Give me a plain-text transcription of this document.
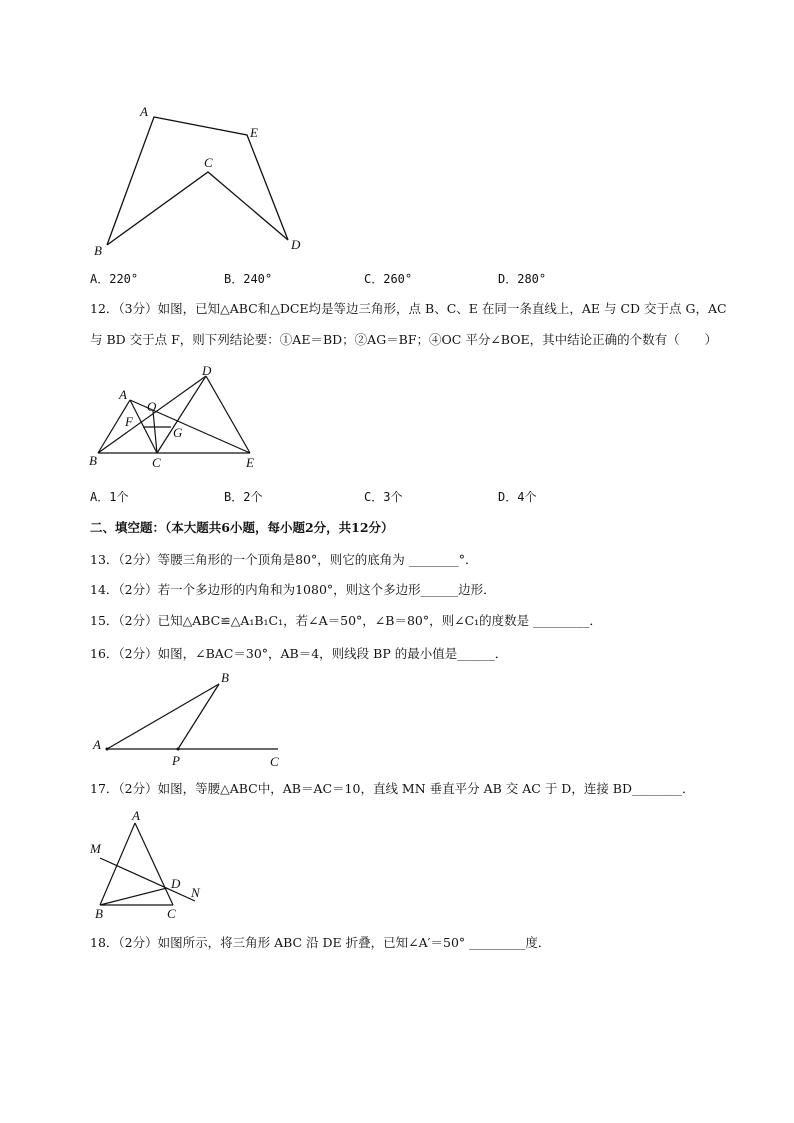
A
E
C
B	D
A．220°	B．240°	C．260°	D．280°
12．（3分）如图，已知△ABC和△DCE均是等边三角形，点 B、C、E 在同一条直线上，AE 与 CD 交于点 G，AC
与 BD 交于点 F，则下列结论要：①AE＝BD；②AG＝BF；④OC 平分∠BOE，其中结论正确的个数有（　　）
D
A
O
F
G
B	C	E
A．1个	B．2个	C．3个	D．4个
二、填空题：（本大题共6小题，每小题2分，共12分）
13．（2分）等腰三角形的一个顶角是80°，则它的底角为 ________°．
14．（2分）若一个多边形的内角和为1080°，则这个多边形______边形．
15．（2分）已知△ABC≌△A₁B₁C₁，若∠A＝50°，∠B＝80°，则∠C₁的度数是 _________．
16．（2分）如图，∠BAC＝30°，AB＝4，则线段 BP 的最小值是______．
B
A
P	C
17．（2分）如图，等腰△ABC中，AB＝AC＝10，直线 MN 垂直平分 AB 交 AC 于 D，连接 BD________．
A
M
D
N
B	C
18．（2分）如图所示，将三角形 ABC 沿 DE 折叠，已知∠A′＝50° _________度．
